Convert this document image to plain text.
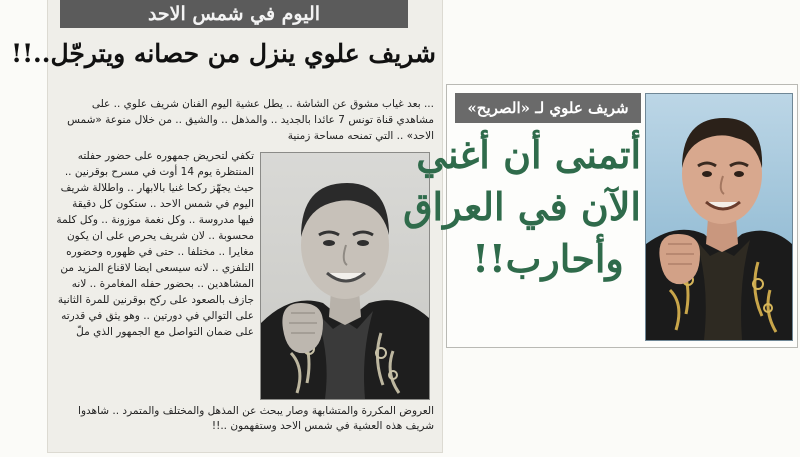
اليوم في شمس الاحد
شريف علوي ينزل من حصانه ويترجّل..!!
... بعد غياب مشوق عن الشاشة .. يطل عشية اليوم الفنان شريف علوي .. على مشاهدي قناة تونس 7 عائدا بالجديد .. والمذهل .. والشيق .. من خلال منوعة «شمس الاحد» .. التي تمنحه مساحة زمنية
تكفي لتحريض جمهوره على حضور حفلته المنتظرة يوم 14 أوت في مسرح بوقرنين .. حيث يجهّز ركحا غنيا بالابهار .. واطلالة شريف اليوم في شمس الاحد .. ستكون كل دقيقة فيها مدروسة .. وكل نغمة موزونة .. وكل كلمة محسوبة .. لان شريف يحرص على ان يكون مغايرا .. مختلفا .. حتى في ظهوره وحضوره التلفزي .. لانه سيسعى ايضا لاقناع المزيد من المشاهدين .. بحضور حفله المغامرة .. لانه جازف بالصعود على ركح بوقرنين للمرة الثانية على التوالي في دورتين .. وهو يثق في قدرته على ضمان التواصل مع الجمهور الذي ملّ
العروض المكررة والمتشابهة وصار يبحث عن المذهل والمختلف والمتمرد .. شاهدوا شريف هذه العشية في شمس الاحد وستفهمون ..!!
شريف علوي لـ «الصريح»
أتمنى أن أغني
الآن في العراق
وأحارب!!
